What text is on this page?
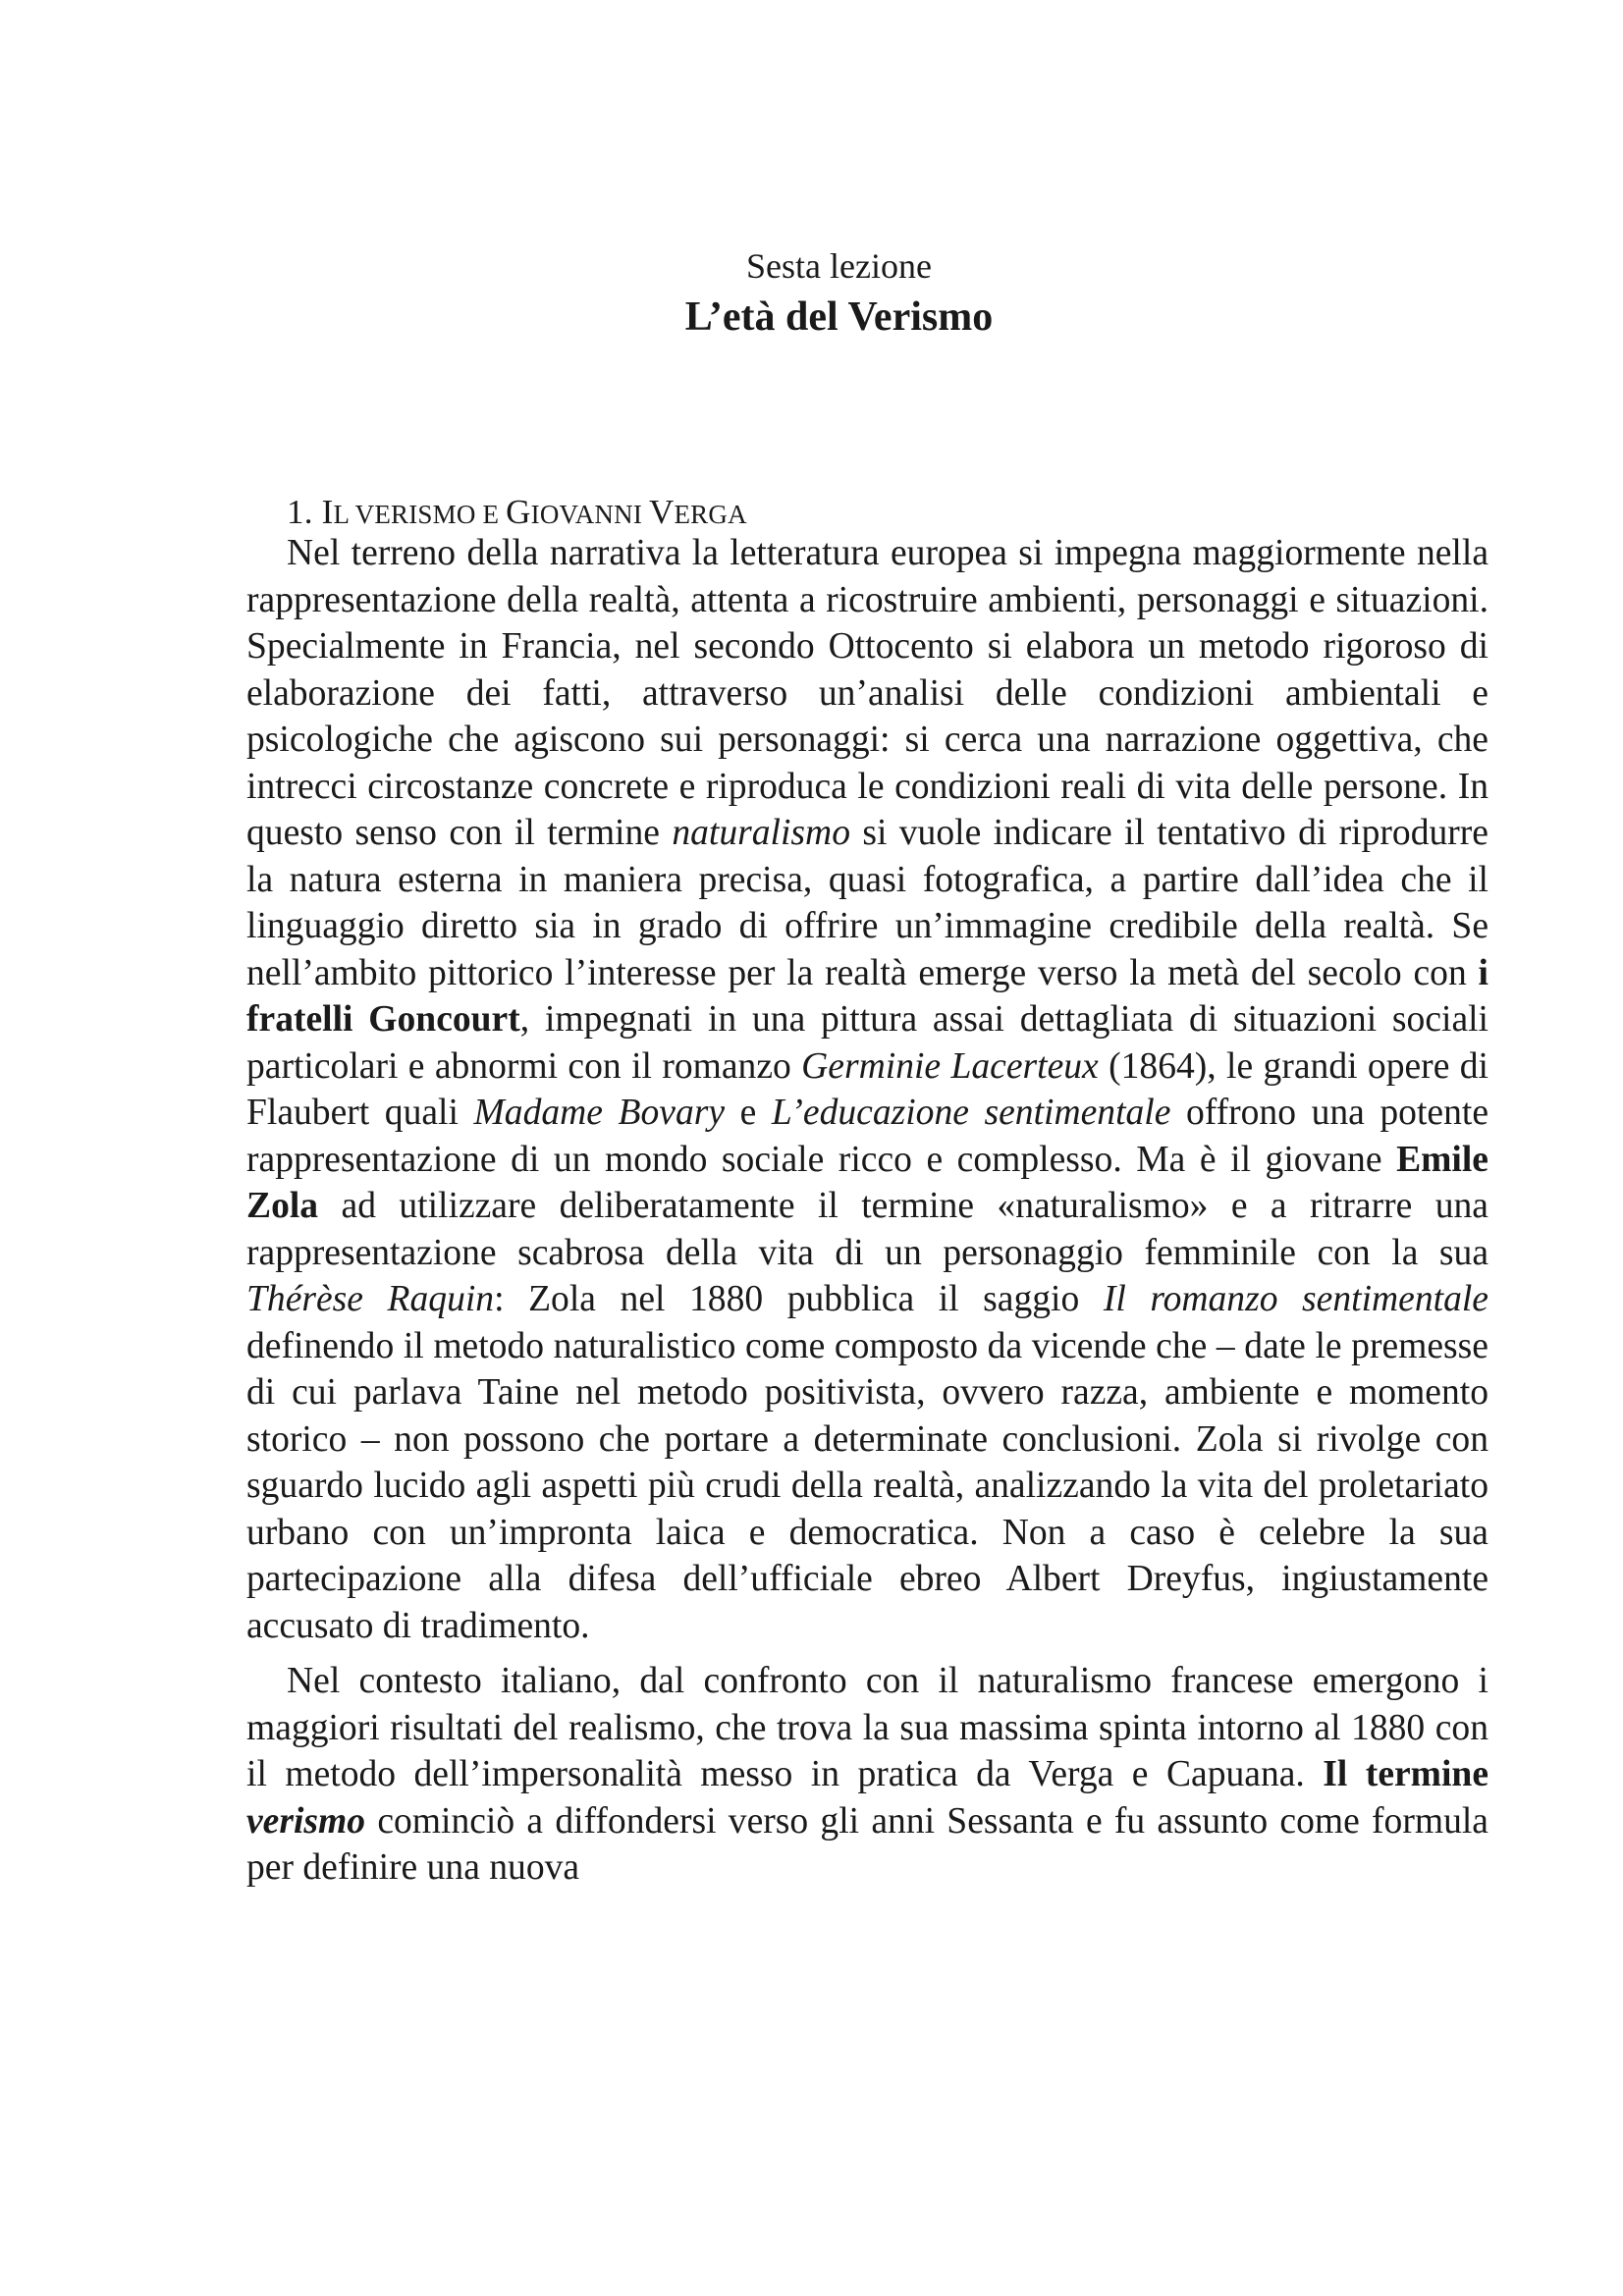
Sesta lezione
L’età del Verismo
1. IL VERISMO E GIOVANNI VERGA

Nel terreno della narrativa la letteratura europea si impegna maggiormente nella rappresentazione della realtà, attenta a ricostruire ambienti, personaggi e situazioni. Specialmente in Francia, nel secondo Ottocento si elabora un metodo rigoroso di elaborazione dei fatti, attraverso un’analisi delle condizioni ambientali e psicologiche che agiscono sui personaggi: si cerca una narrazione oggettiva, che intrecci circostanze concrete e riproduca le condizioni reali di vita delle persone. In questo senso con il termine naturalismo si vuole indicare il tentativo di riprodurre la natura esterna in maniera precisa, quasi fotografica, a partire dall’idea che il linguaggio diretto sia in grado di offrire un’immagine credibile della realtà. Se nell’ambito pittorico l’interesse per la realtà emerge verso la metà del secolo con i fratelli Goncourt, impegnati in una pittura assai dettagliata di situazioni sociali particolari e abnormi con il romanzo Germinie Lacerteux (1864), le grandi opere di Flaubert quali Madame Bovary e L’educazione sentimentale offrono una potente rappresentazione di un mondo sociale ricco e complesso. Ma è il giovane Emile Zola ad utilizzare deliberatamente il termine «naturalismo» e a ritrarre una rappresentazione scabrosa della vita di un personaggio femminile con la sua Thérèse Raquin: Zola nel 1880 pubblica il saggio Il romanzo sentimentale definendo il metodo naturalistico come composto da vicende che – date le premesse di cui parlava Taine nel metodo positivista, ovvero razza, ambiente e momento storico – non possono che portare a determinate conclusioni. Zola si rivolge con sguardo lucido agli aspetti più crudi della realtà, analizzando la vita del proletariato urbano con un’impronta laica e democratica. Non a caso è celebre la sua partecipazione alla difesa dell’ufficiale ebreo Albert Dreyfus, ingiustamente accusato di tradimento.

Nel contesto italiano, dal confronto con il naturalismo francese emergono i maggiori risultati del realismo, che trova la sua massima spinta intorno al 1880 con il metodo dell’impersonalità messo in pratica da Verga e Capuana. Il termine verismo cominciò a diffondersi verso gli anni Sessanta e fu assunto come formula per definire una nuova
